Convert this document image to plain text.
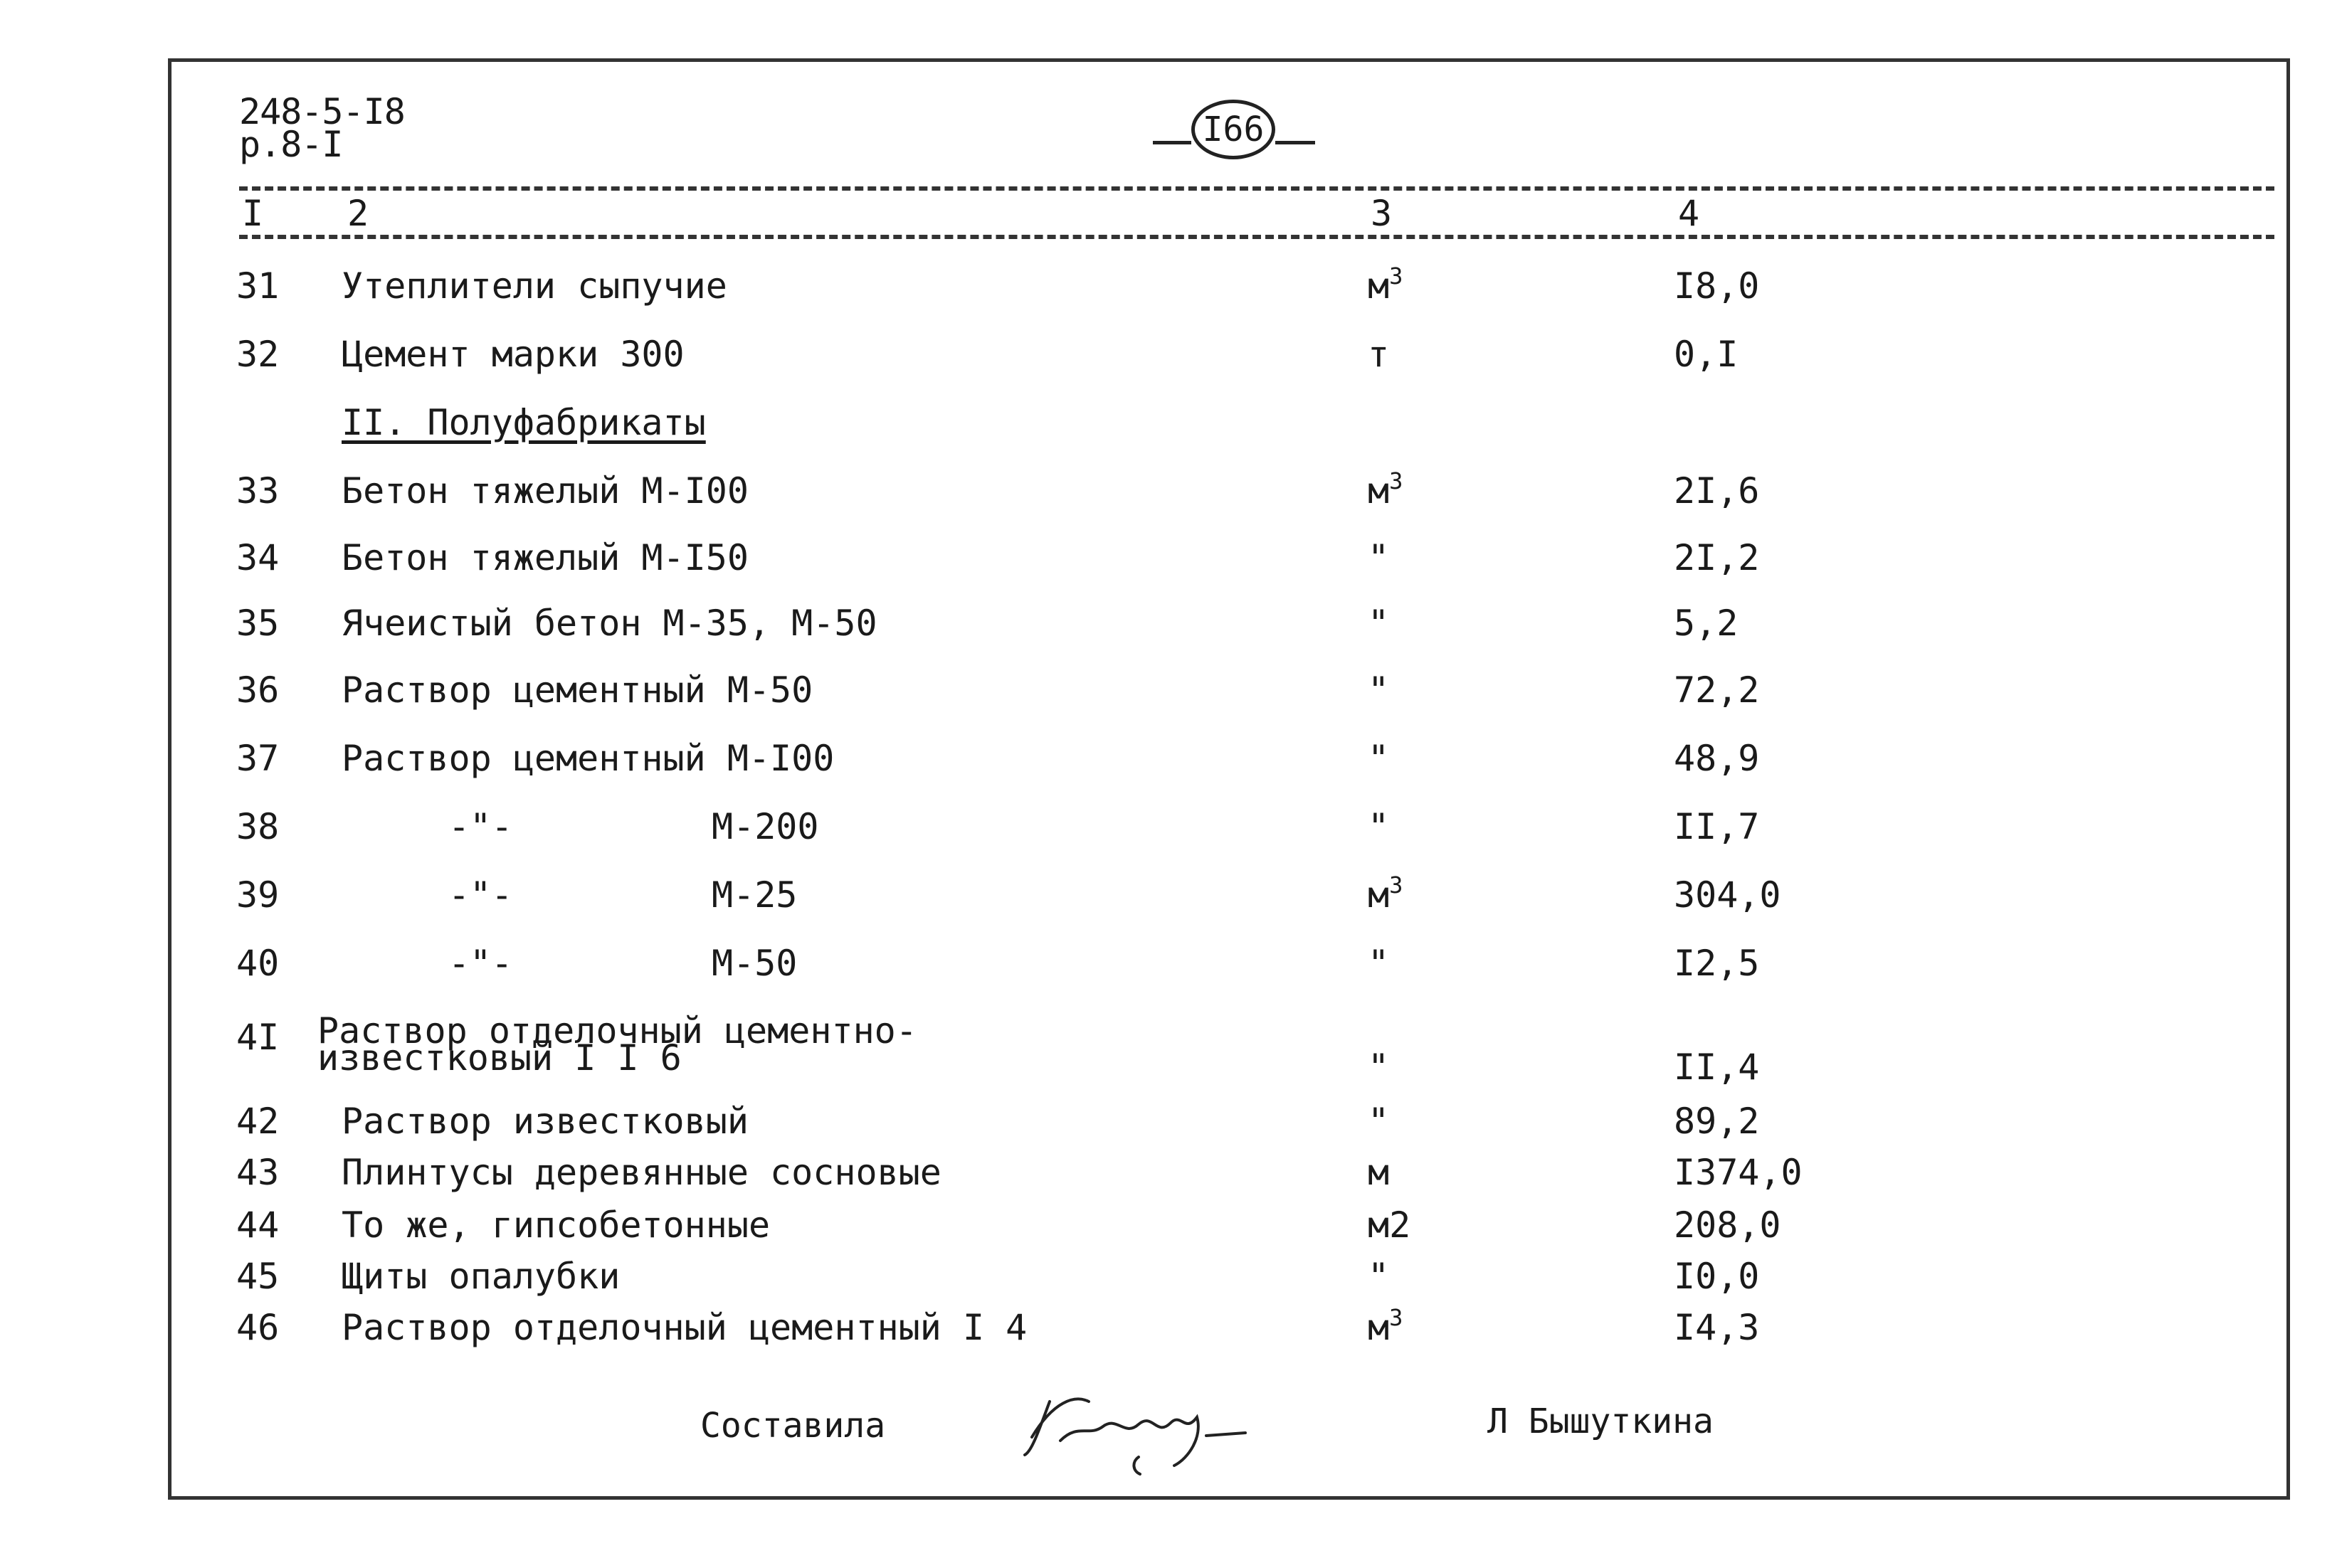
248-5-I8
p.8-I	I66
I 2	3	4
31 Утеплители сыпучие	$м^3$	I8,0
32 Цемент марки 300	т	0,I
II. Полуфабрикаты
33 Бетон тяжелый М-I00	$м^3$	2I,6
34 Бетон тяжелый М-I50	"	2I,2
35 Ячеистый бетон М-35, М-50	"	5,2
36 Раствор цементный М-50	"	72,2
37 Раствор цементный М-I00	"	48,9
38	-"-	М-200	"	II,7
39	-"-	М-25	$м^3$	304,0
40	-"-	М-50	"	I2,5
4I Раствор отделочный цементно-известковый I I 6	"	II,4
42 Раствор известковый	"	89,2
43 Плинтусы деревянные сосновые	м	I374,0
44 То же, гипсобетонные	м2	208,0
45 Щиты опалубки	"	I0,0
46 Раствор отделочный цементный I 4	$м^3$	I4,3
Составила	Л Бышуткина
